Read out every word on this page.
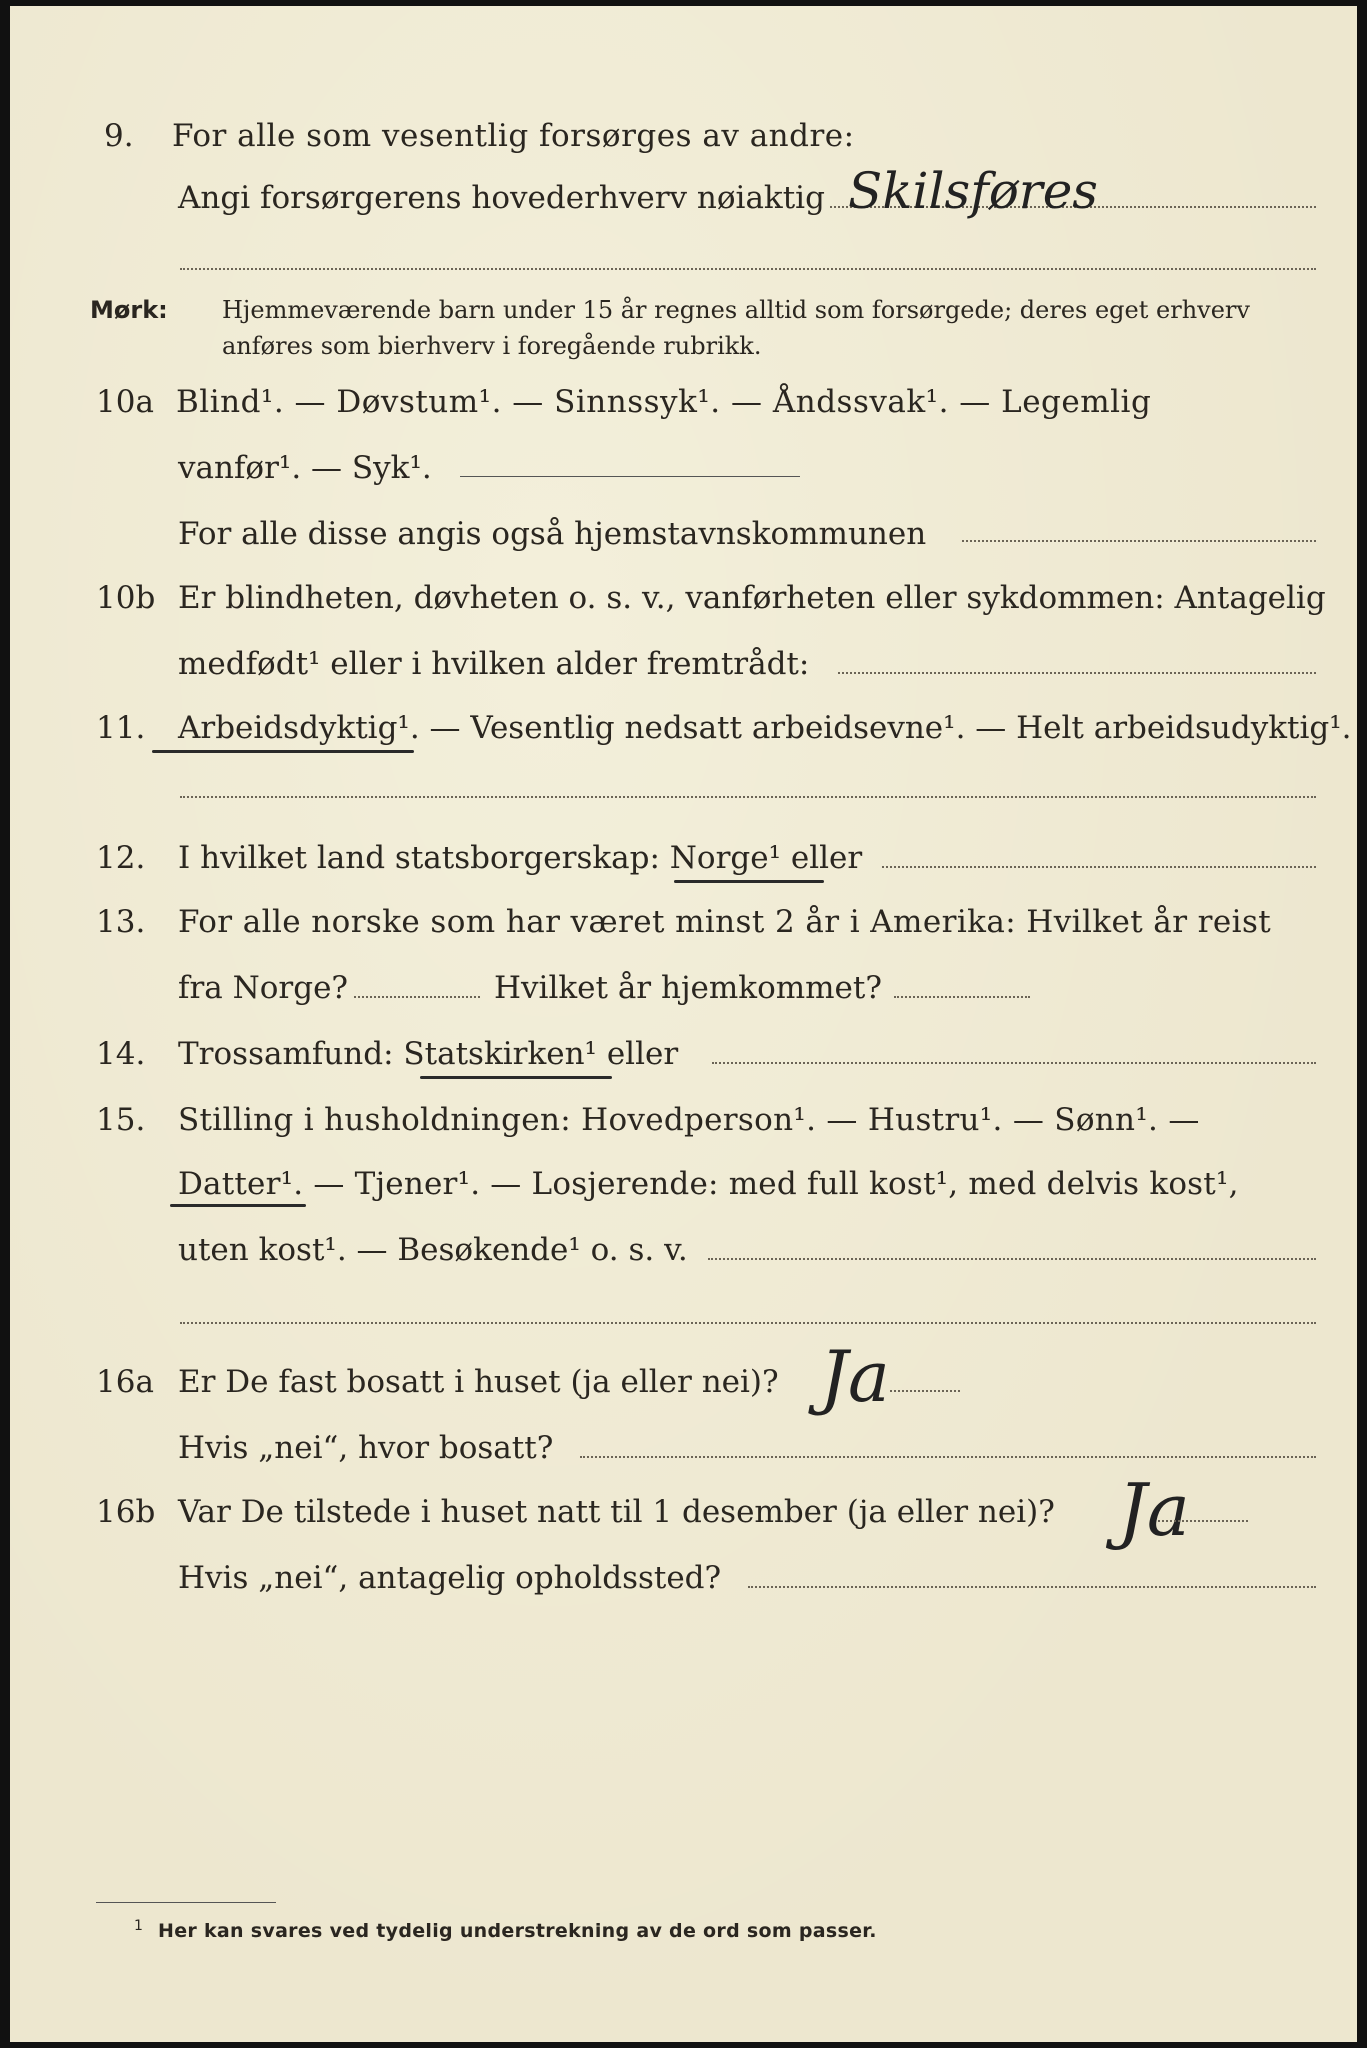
9. For alle som vesentlig forsørges av andre:
Angi forsørgerens hovederhverv nøiaktig Skilsføres
Mørk: Hjemmeværende barn under 15 år regnes alltid som forsørgede; deres eget erhverv
anføres som bierhverv i foregående rubrikk.
10a Blind¹. — Døvstum¹. — Sinnssyk¹. — Åndssvak¹. — Legemlig
vanfør¹. — Syk¹.
For alle disse angis også hjemstavnskommunen
10b Er blindheten, døvheten o. s. v., vanførheten eller sykdommen: Antagelig
medfødt¹ eller i hvilken alder fremtrådt:
11. Arbeidsdyktig¹. — Vesentlig nedsatt arbeidsevne¹. — Helt arbeidsudyktig¹.
12. I hvilket land statsborgerskap: Norge¹ eller
13. For alle norske som har været minst 2 år i Amerika: Hvilket år reist
fra Norge?	Hvilket år hjemkommet?
14. Trossamfund: Statskirken¹ eller
15. Stilling i husholdningen: Hovedperson¹. — Hustru¹. — Sønn¹. —
Datter¹. — Tjener¹. — Losjerende: med full kost¹, med delvis kost¹,
uten kost¹. — Besøkende¹ o. s. v.
16a Er De fast bosatt i huset (ja eller nei)? Ja
Hvis „nei“, hvor bosatt?
16b Var De tilstede i huset natt til 1 desember (ja eller nei)? Ja
Hvis „nei“, antagelig opholdssted?
1 Her kan svares ved tydelig understrekning av de ord som passer.
